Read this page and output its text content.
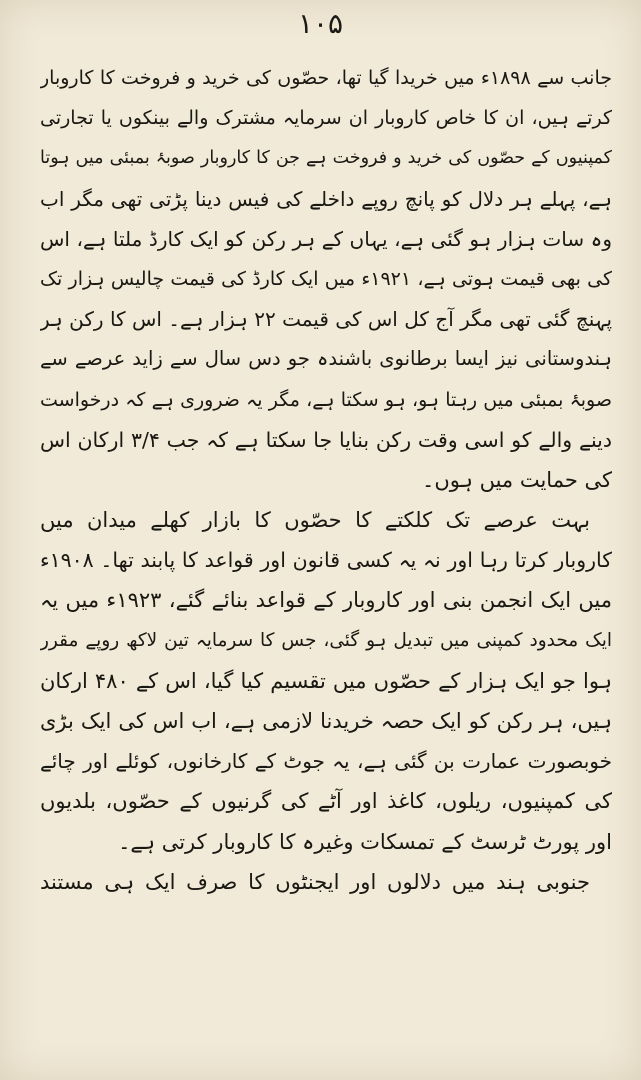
۱۰۵
جانب سے ۱۸۹۸ء میں خریدا گیا تھا، حصّوں کی خرید و فروخت کا کاروبار
کرتے ہیں، ان کا خاص کاروبار ان سرمایہ مشترک والے بینکوں یا تجارتی
کمپنیوں کے حصّوں کی خرید و فروخت ہے جن کا کاروبار صوبۂ بمبئی میں ہوتا
ہے، پہلے ہر دلال کو پانچ روپے داخلے کی فیس دینا پڑتی تھی مگر اب
وہ سات ہزار ہو گئی ہے، یہاں کے ہر رکن کو ایک کارڈ ملتا ہے، اس
کی بھی قیمت ہوتی ہے، ۱۹۲۱ء میں ایک کارڈ کی قیمت چالیس ہزار تک
پہنچ گئی تھی مگر آج کل اس کی قیمت ۲۲ ہزار ہے۔ اس کا رکن ہر
ہندوستانی نیز ایسا برطانوی باشندہ جو دس سال سے زاید عرصے سے
صوبۂ بمبئی میں رہتا ہو، ہو سکتا ہے، مگر یہ ضروری ہے کہ درخواست
دینے والے کو اسی وقت رکن بنایا جا سکتا ہے کہ جب ۳/۴ ارکان اس
کی حمایت میں ہوں۔
بہت عرصے تک کلکتے کا حصّوں کا بازار کھلے میدان میں
کاروبار کرتا رہا اور نہ یہ کسی قانون اور قواعد کا پابند تھا۔ ۱۹۰۸ء
میں ایک انجمن بنی اور کاروبار کے قواعد بنائے گئے، ۱۹۲۳ء میں یہ
ایک محدود کمپنی میں تبدیل ہو گئی، جس کا سرمایہ تین لاکھ روپے مقرر
ہوا جو ایک ہزار کے حصّوں میں تقسیم کیا گیا، اس کے ۴۸۰ ارکان
ہیں، ہر رکن کو ایک حصہ خریدنا لازمی ہے، اب اس کی ایک بڑی
خوبصورت عمارت بن گئی ہے، یہ جوٹ کے کارخانوں، کوئلے اور چائے
کی کمپنیوں، ریلوں، کاغذ اور آٹے کی گرنیوں کے حصّوں، بلدیوں
اور پورٹ ٹرسٹ کے تمسکات وغیرہ کا کاروبار کرتی ہے۔
جنوبی ہند میں دلالوں اور ایجنٹوں کا صرف ایک ہی مستند
